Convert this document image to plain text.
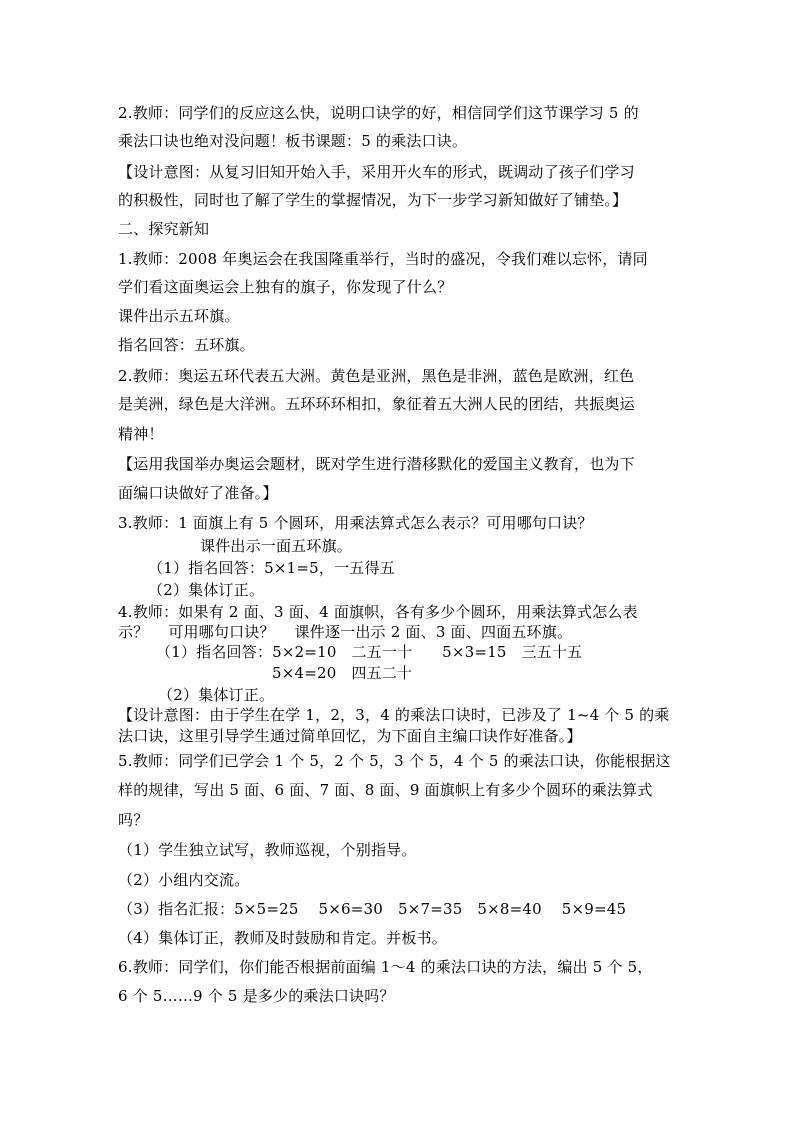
2.教师：同学们的反应这么快，说明口诀学的好，相信同学们这节课学习 5 的
乘法口诀也绝对没问题！板书课题：5 的乘法口诀。
【设计意图：从复习旧知开始入手，采用开火车的形式，既调动了孩子们学习
的积极性，同时也了解了学生的掌握情况，为下一步学习新知做好了铺垫。】
二、探究新知
1.教师：2008 年奥运会在我国隆重举行，当时的盛况，令我们难以忘怀，请同
学们看这面奥运会上独有的旗子，你发现了什么？
课件出示五环旗。
指名回答：五环旗。
2.教师：奥运五环代表五大洲。黄色是亚洲，黑色是非洲，蓝色是欧洲，红色
是美洲，绿色是大洋洲。五环环环相扣，象征着五大洲人民的团结，共振奥运
精神！
【运用我国举办奥运会题材，既对学生进行潜移默化的爱国主义教育，也为下
面编口诀做好了准备。】
3.教师：1 面旗上有 5 个圆环，用乘法算式怎么表示？可用哪句口诀？
课件出示一面五环旗。
（1）指名回答：5×1=5，一五得五
（2）集体订正。
4.教师：如果有 2 面、3 面、4 面旗帜，各有多少个圆环，用乘法算式怎么表
示？    可用哪句口诀？    课件逐一出示 2 面、3 面、四面五环旗。
（1）指名回答：5×2=10   二五一十      5×3=15   三五十五
5×4=20   四五二十
（2）集体订正。
【设计意图：由于学生在学 1，2，3，4 的乘法口诀时，已涉及了 1~4 个 5 的乘
法口诀，这里引导学生通过简单回忆，为下面自主编口诀作好准备。】
5.教师：同学们已学会 1 个 5，2 个 5，3 个 5，4 个 5 的乘法口诀，你能根据这
样的规律，写出 5 面、6 面、7 面、8 面、9 面旗帜上有多少个圆环的乘法算式
吗？
（1）学生独立试写，教师巡视，个别指导。
（2）小组内交流。
（3）指名汇报：5×5=25    5×6=30   5×7=35   5×8=40    5×9=45
（4）集体订正，教师及时鼓励和肯定。并板书。
6.教师：同学们，你们能否根据前面编 1～4 的乘法口诀的方法，编出 5 个 5，
6 个 5……9 个 5 是多少的乘法口诀吗？
